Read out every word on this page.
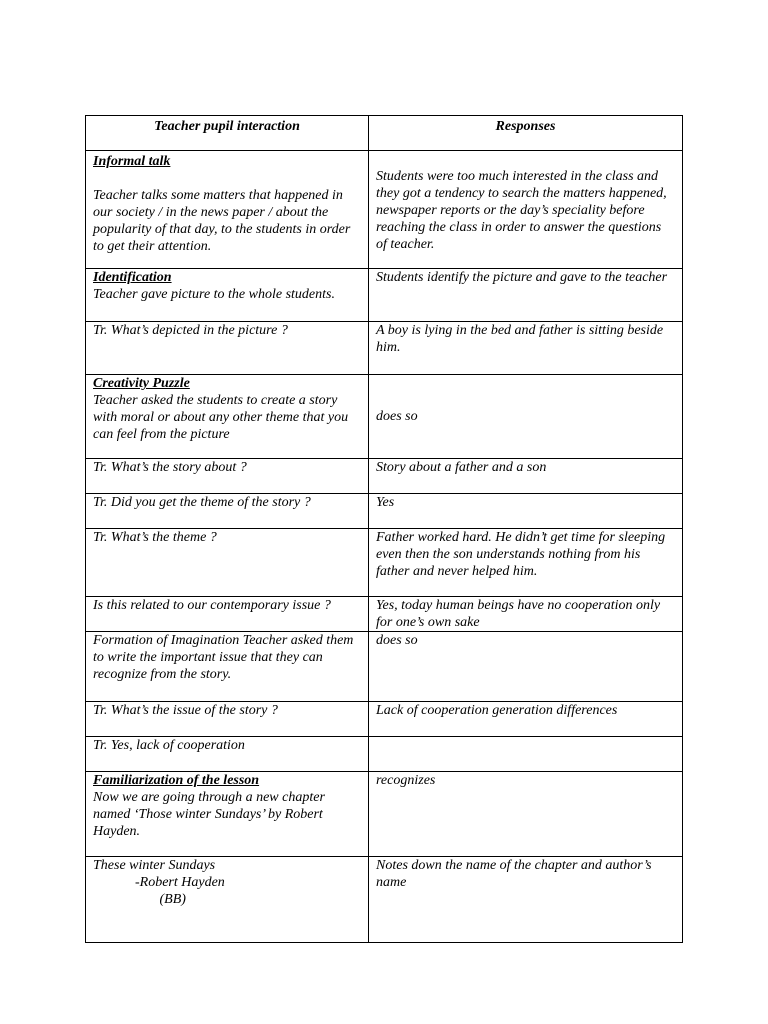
Teacher pupil interaction	Responses

Informal talk
Teacher talks some matters that happened in our society / in the news paper / about the popularity of that day, to the students in order to get their attention.	Students were too much interested in the class and they got a tendency to search the matters happened, newspaper reports or the day’s speciality before reaching the class in order to answer the questions of teacher.

Identification
Teacher gave picture to the whole students.	Students identify the picture and gave to the teacher
Tr. What’s depicted in the picture ?	A boy is lying in the bed and father is sitting beside him.

Creativity Puzzle
Teacher asked the students to create a story with moral or about any other theme that you can feel from the picture	does so
Tr. What’s the story about ?	Story about a father and a son
Tr. Did you get the theme of the story ?	Yes
Tr. What’s the theme ?	Father worked hard. He didn’t get time for sleeping even then the son understands nothing from his father and never helped him.
Is this related to our contemporary issue ?	Yes, today human beings have no cooperation only for one’s own sake
Formation of Imagination Teacher asked them to write the important issue that they can recognize from the story.	does so
Tr. What’s the issue of the story ?	Lack of cooperation generation differences
Tr. Yes, lack of cooperation	

Familiarization of the lesson
Now we are going through a new chapter named ‘Those winter Sundays’ by Robert Hayden.	recognizes

These winter Sundays
-Robert Hayden
(BB)	Notes down the name of the chapter and author’s name
